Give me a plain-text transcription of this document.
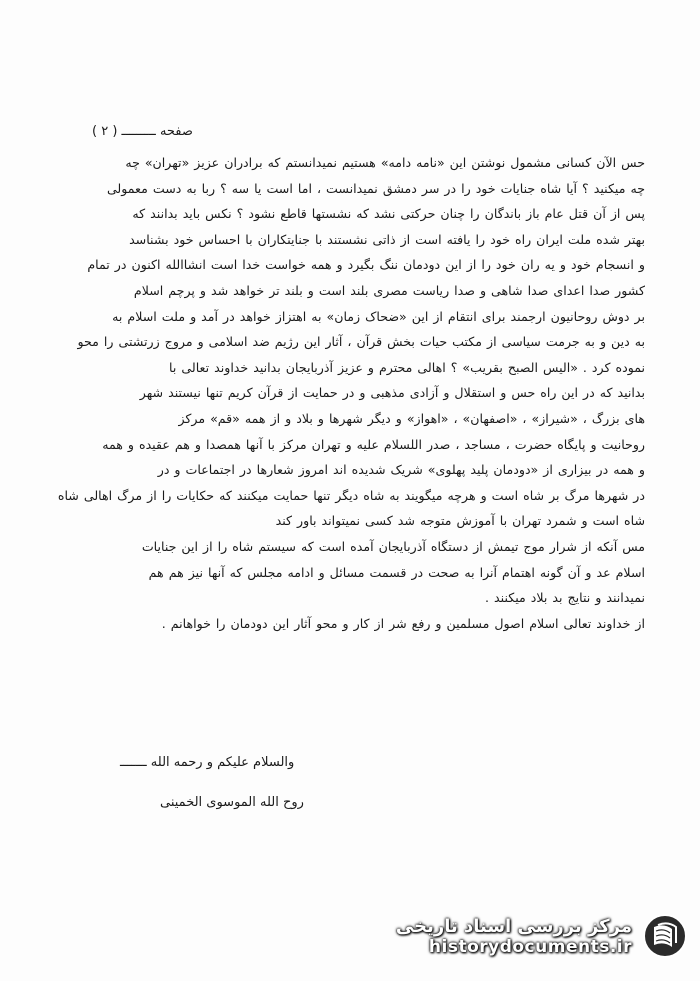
صفحه ـــــــــ ( ۲ )

حس الآن کسانی مشمول نوشتن این «نامه دامه» هستیم نمیدانستم که برادران عزیز «تهران» چه
چه میکنید ؟ آیا شاه جنایات خود را در سر دمشق نمیدانست ، اما است یا سه ؟ ربا به دست معمولی
پس از آن قتل عام باز باندگان را چنان حرکتی نشد که نشستها قاطع نشود ؟ نکس باید بدانند که
بهتر شده ملت ایران راه خود را یافته است از ذاتی نشستند با جنایتکاران با احساس خود بشناسد
و انسجام خود و یه ران خود را از این دودمان ننگ بگیرد و همه خواست خدا است انشاالله اکنون در تمام
کشور صدا اعدای صدا شاهی و صدا ریاست مصری بلند است و بلند تر خواهد شد و پرچم اسلام
بر دوش روحانیون ارجمند برای انتقام از این «ضحاک زمان» به اهتزاز خواهد در آمد و ملت اسلام به
به دین و به جرمت سیاسی از مکتب حیات بخش قرآن ، آثار این رژیم ضد اسلامی و مروج زرتشتی را محو
نموده کرد . «الیس الصبح بقریب» ؟ اهالی محترم و عزیز آذربایجان بدانید خداوند تعالی با

بدانید که در این راه حس و استقلال و آزادی مذهبی و در حمایت از قرآن کریم تنها نیستند شهر
های بزرگ ، «شیراز» ، «اصفهان» ، «اهواز» و دیگر شهرها و بلاد و از همه «قم» مرکز
روحانیت و پایگاه حضرت ، مساجد ، صدر اللسلام علیه و تهران مرکز با آنها همصدا و هم عقیده و همه
و همه در بیزاری از «دودمان پلید پهلوی» شریک شدیده اند امروز شعارها در اجتماعات و در
در شهرها مرگ بر شاه است و هرچه میگویند به شاه دیگر تنها حمایت میکنند که حکایات را از مرگ اهالی شاه
شاه است و شمرد تهران با آموزش متوجه شد کسی نمیتواند باور کند

مس آنکه از شرار موج تیمش از دستگاه آذربایجان آمده است که سیستم شاه را از این جنایات
اسلام عد و آن گونه اهتمام آنرا به صحت در قسمت مسائل و ادامه مجلس که آنها نیز هم هم
نمیدانند و نتایج بد بلاد میکنند .

از خداوند تعالی اسلام اصول مسلمین و رفع شر از کار و محو آثار این دودمان را خواهانم .

والسلام علیکم و رحمه الله ـــــــ
روح الله الموسوی الخمینی
مرکز بررسی اسناد تاریخی
historydocuments.ir
